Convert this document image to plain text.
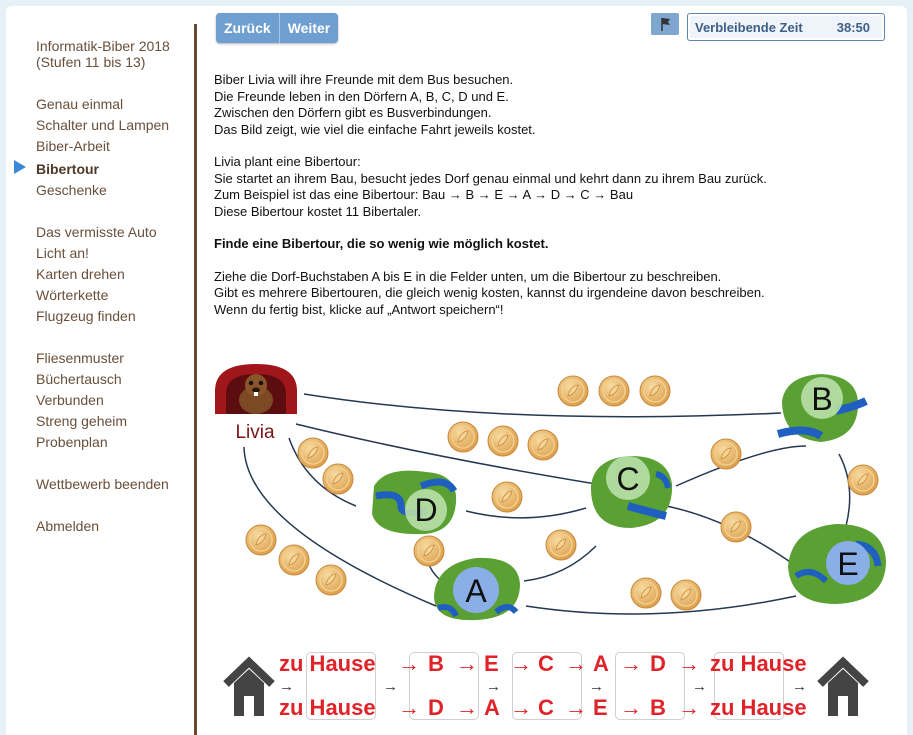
Informatik-Biber 2018
(Stufen 11 bis 13)
Genau einmal
Schalter und Lampen
Biber-Arbeit
Bibertour
Geschenke
Das vermisste Auto
Licht an!
Karten drehen
Wörterkette
Flugzeug finden
Fliesenmuster
Büchertausch
Verbunden
Streng geheim
Probenplan
Wettbewerb beenden
Abmelden
Zurück	Weiter	Verbleibende Zeit	38:50

Biber Livia will ihre Freunde mit dem Bus besuchen.
Die Freunde leben in den Dörfern A, B, C, D und E.
Zwischen den Dörfern gibt es Busverbindungen.
Das Bild zeigt, wie viel die einfache Fahrt jeweils kostet.

Livia plant eine Bibertour:
Sie startet an ihrem Bau, besucht jedes Dorf genau einmal und kehrt dann zu ihrem Bau zurück.
Zum Beispiel ist das eine Bibertour: Bau → B → E → A → D → C → Bau
Diese Bibertour kostet 11 Bibertaler.

Finde eine Bibertour, die so wenig wie möglich kostet.

Ziehe die Dorf-Buchstaben A bis E in die Felder unten, um die Bibertour zu beschreiben.
Gibt es mehrere Bibertouren, die gleich wenig kosten, kannst du irgendeine davon beschreiben.
Wenn du fertig bist, klicke auf „Antwort speichern“!

Livia
D
A
C
B
E
→	→	→	→	→	→
zu Hause → B → E → C → A → D → zu Hause
zu Hause → D → A → C → E → B → zu Hause
